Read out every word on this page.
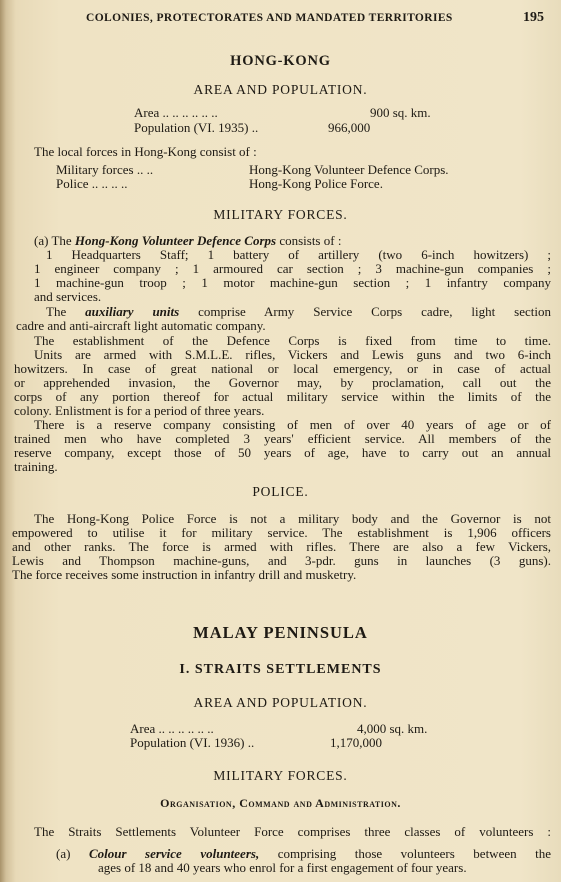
COLONIES, PROTECTORATES AND MANDATED TERRITORIES	195
HONG-KONG
AREA AND POPULATION.
Area .. .. .. .. .. ..	900 sq. km.
Population (VI. 1935) ..	966,000
The local forces in Hong-Kong consist of :
Military forces .. ..	Hong-Kong Volunteer Defence Corps.
Police .. .. .. ..	Hong-Kong Police Force.
MILITARY FORCES.
(a) The Hong-Kong Volunteer Defence Corps consists of :
1 Headquarters Staff; 1 battery of artillery (two 6-inch howitzers) ;
1 engineer company ; 1 armoured car section ; 3 machine-gun companies ;
1 machine-gun troop ; 1 motor machine-gun section ; 1 infantry company
and services.
The auxiliary units comprise Army Service Corps cadre, light section
cadre and anti-aircraft light automatic company.
The establishment of the Defence Corps is fixed from time to time.
Units are armed with S.M.L.E. rifles, Vickers and Lewis guns and two 6-inch
howitzers. In case of great national or local emergency, or in case of actual
or apprehended invasion, the Governor may, by proclamation, call out the
corps of any portion thereof for actual military service within the limits of the
colony. Enlistment is for a period of three years.
There is a reserve company consisting of men of over 40 years of age or of
trained men who have completed 3 years' efficient service. All members of the
reserve company, except those of 50 years of age, have to carry out an annual
training.
POLICE.
The Hong-Kong Police Force is not a military body and the Governor is not
empowered to utilise it for military service. The establishment is 1,906 officers
and other ranks. The force is armed with rifles. There are also a few Vickers,
Lewis and Thompson machine-guns, and 3-pdr. guns in launches (3 guns).
The force receives some instruction in infantry drill and musketry.
MALAY PENINSULA
I. STRAITS SETTLEMENTS
AREA AND POPULATION.
Area .. .. .. .. .. ..	4,000 sq. km.
Population (VI. 1936) ..	1,170,000
MILITARY FORCES.
Organisation, Command and Administration.
The Straits Settlements Volunteer Force comprises three classes of volunteers :
(a) Colour service volunteers, comprising those volunteers between the
ages of 18 and 40 years who enrol for a first engagement of four years.
